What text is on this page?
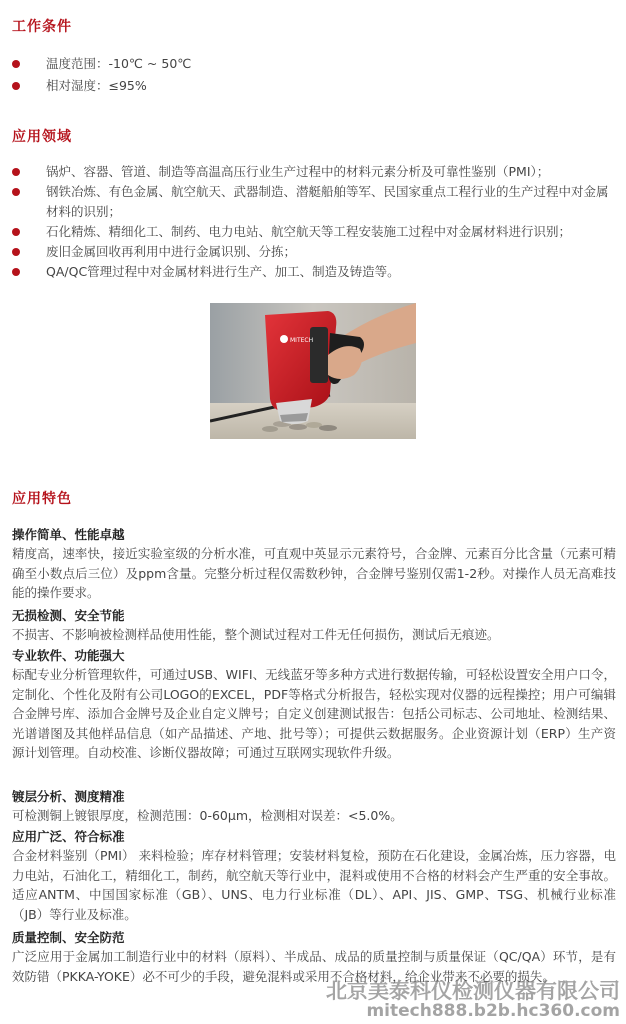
工作条件
温度范围：-10℃ ~ 50℃
相对湿度：≤95%
应用领域
锅炉、容器、管道、制造等高温高压行业生产过程中的材料元素分析及可靠性鉴别（PMI）；
钢铁冶炼、有色金属、航空航天、武器制造、潜艇船舶等军、民国家重点工程行业的生产过程中对金属材料的识别；
石化精炼、精细化工、制药、电力电站、航空航天等工程安装施工过程中对金属材料进行识别；
废旧金属回收再利用中进行金属识别、分拣；
QA/QC管理过程中对金属材料进行生产、加工、制造及铸造等。
MITECH
应用特色
操作简单、性能卓越
精度高，速率快，接近实验室级的分析水准，可直观中英显示元素符号，合金牌、元素百分比含量（元素可精确至小数点后三位）及ppm含量。完整分析过程仅需数秒钟，合金牌号鉴别仅需1-2秒。对操作人员无高难技能的操作要求。
无损检测、安全节能
不损害、不影响被检测样品使用性能，整个测试过程对工件无任何损伤，测试后无痕迹。
专业软件、功能强大
标配专业分析管理软件，可通过USB、WIFI、无线蓝牙等多种方式进行数据传输，可轻松设置安全用户口令，定制化、个性化及附有公司LOGO的EXCEL，PDF等格式分析报告，轻松实现对仪器的远程操控；用户可编辑合金牌号库、添加合金牌号及企业自定义牌号；自定义创建测试报告：包括公司标志、公司地址、检测结果、光谱谱图及其他样品信息（如产品描述、产地、批号等）；可提供云数据服务。企业资源计划（ERP）生产资源计划管理。自动校准、诊断仪器故障；可通过互联网实现软件升级。
镀层分析、测度精准
可检测铜上镀银厚度，检测范围：0-60μm，检测相对误差：<5.0%。
应用广泛、符合标准
合金材料鉴别（PMI） 来料检验；库存材料管理；安装材料复检，预防在石化建设，金属冶炼，压力容器，电力电站，石油化工，精细化工，制药，航空航天等行业中，混料或使用不合格的材料会产生严重的安全事故。适应ANTM、中国国家标准（GB）、UNS、电力行业标准（DL）、API、JIS、GMP、TSG、机械行业标准（JB）等行业及标准。
质量控制、安全防范
广泛应用于金属加工制造行业中的材料（原料）、半成品、成品的质量控制与质量保证（QC/QA）环节，是有效防错（PKKA-YOKE）必不可少的手段，避免混料或采用不合格材料，给企业带来不必要的损失。
北京美泰科仪检测仪器有限公司
mitech888.b2b.hc360.com
